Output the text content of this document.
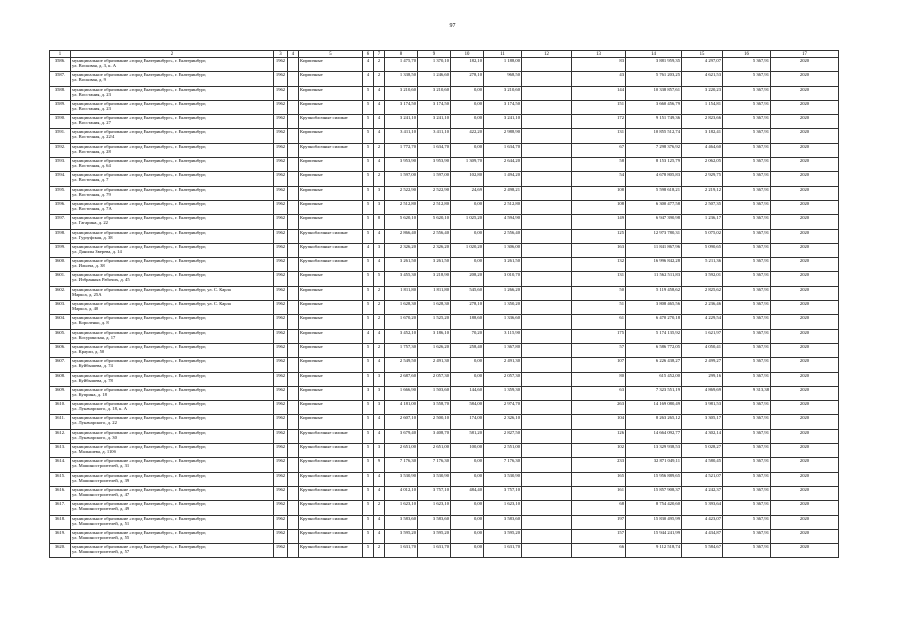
97
1	2	3	4	5	6	7	8	9	10	11	12	13	14	15	16	17
3586.	муниципальное образование «город Екатеринбург», г. Екатеринбург,
ул. Восковая, д. 3, к. А	1962		Кирпичные	4	2	1 475,70	1 370,10	182,10	1 188,00		83	3 881 959,35	4 297,07	5 367,91	2020
3587.	муниципальное образование «город Екатеринбург», г. Екатеринбург,
ул. Восковая, д. 9	1962		Кирпичные	4	2	1 338,50	1 246,60	278,10	968,50		43	5 761 203,25	4 621,53	5 367,91	2020
3588.	муниципальное образование «город Екатеринбург», г. Екатеринбург,
ул. Восстания, д. 23	1962		Кирпичные	5	4	3 210,60	3 210,60	0,00	3 210,60		144	10 338 857,61	3 220,23	5 367,91	2020
3589.	муниципальное образование «город Екатеринбург», г. Екатеринбург,
ул. Восстания, д. 23	1962		Кирпичные	5	4	3 174,50	3 174,50	0,00	3 174,50		151	3 660 456,79	1 154,81	5 367,91	2020
3590.	муниципальное образование «город Екатеринбург», г. Екатеринбург,
ул. Восстания, д. 27	1962		Крупноблочные силикат	5	4	3 241,10	3 241,10	0,00	3 241,10		172	9 151 749,36	2 823,66	5 367,91	2020
3591.	муниципальное образование «город Екатеринбург», г. Екатеринбург,
ул. Восточная, д. 22/4	1962		Кирпичные	5	4	3 411,10	3 411,10	422,20	2 988,90		131	10 855 512,74	3 182,41	5 367,91	2020
3592.	муниципальное образование «город Екатеринбург», г. Екатеринбург,
ул. Восточная, д. 28	1962		Крупноблочные силикат	5	2	1 772,70	1 634,70	0,00	1 634,70		67	7 298 376,92	4 464,60	5 367,91	2020
3593.	муниципальное образование «город Екатеринбург», г. Екатеринбург,
ул. Восточная, д. 64	1962		Кирпичные	5	4	3 953,90	3 953,90	1 309,70	2 644,20		58	8 153 125,79	2 062,05	5 367,91	2020
3594.	муниципальное образование «город Екатеринбург», г. Екатеринбург,
ул. Восточная, д. 7	1962		Кирпичные	5	2	1 597,00	1 597,00	102,80	1 494,20		54	4 678 805,83	2 929,75	5 367,91	2020
3595.	муниципальное образование «город Екатеринбург», г. Екатеринбург,
ул. Восточная, д. 79	1962		Кирпичные	5	3	2 522,90	2 522,90	24,69	2 498,21		108	5 598 618,21	2 219,12	5 367,91	2020
3596.	муниципальное образование «город Екатеринбург», г. Екатеринбург,
ул. Восточная, д. 7А	1962		Кирпичные	5	3	2 512,80	2 512,80	0,00	2 512,80		108	6 300 477,58	2 507,35	5 367,91	2020
3597.	муниципальное образование «город Екатеринбург», г. Екатеринбург,
ул. Гагарина, д. 22	1962		Кирпичные	5	8	5 620,10	5 620,10	1 025,20	4 594,90		149	6 947 390,98	1 236,17	5 367,91	2020
3598.	муниципальное образование «город Екатеринбург», г. Екатеринбург,
ул. Гурзуфская, д. 38	1962		Крупноблочные силикат	5	4	2 866,40	2 556,40	0,00	2 556,40		125	12 973 780,31	5 075,02	5 367,91	2020
3599.	муниципальное образование «город Екатеринбург», г. Екатеринбург,
ул. Данилы Зверева, д. 14	1962		Крупноблочные силикат	4	3	2 326,20	2 326,20	1 020,20	1 306,00		163	11 841 867,96	5 090,65	5 367,91	2020
3600.	муниципальное образование «город Екатеринбург», г. Екатеринбург,
ул. Ильича, д. 38	1962		Крупноблочные силикат	5	4	3 261,50	3 261,50	0,00	3 261,50		132	16 996 842,28	5 211,36	5 367,91	2020
3601.	муниципальное образование «город Екатеринбург», г. Екатеринбург,
ул. Избранных Рабочих, д. 45	1962		Кирпичные	5	5	3 455,30	3 218,90	208,20	3 010,70		131	11 562 511,83	3 592,01	5 367,91	2020
3602.	муниципальное образование «город Екатеринбург», г. Екатеринбург, ул. С. Карла
Маркса, д. 25А	1962		Кирпичные	5	2	1 811,80	1 811,80	545,60	1 266,20		50	5 119 458,62	2 825,62	5 367,91	2020
3603.	муниципальное образование «город Екатеринбург», г. Екатеринбург, ул. С. Карла
Маркса, д. 40	1962		Кирпичные	5	2	1 628,30	1 628,30	278,10	1 350,20		51	3 808 465,56	2 236,46	5 367,91	2020
3604.	муниципальное образование «город Екатеринбург», г. Екатеринбург,
ул. Короленко, д. 8	1962		Кирпичные	5	2	1 670,20	1 525,20	188,60	1 336,60		61	6 470 270,18	4 229,54	5 367,91	2020
3605.	муниципальное образование «город Екатеринбург», г. Екатеринбург,
ул. Косуринская, д. 17	1962		Кирпичные	4	4	3 452,10	3 186,10	70,20	3 115,90		175	5 174 135,92	1 621,97	5 367,91	2020
3606.	муниципальное образование «город Екатеринбург», г. Екатеринбург,
ул. Краули, д. 50	1962		Кирпичные	5	2	1 757,30	1 626,20	258,40	1 367,80		57	6 586 772,05	4 050,41	5 367,91	2020
3607.	муниципальное образование «город Екатеринбург», г. Екатеринбург,
ул. Куйбышева, д. 74	1962		Кирпичные	5	4	2 549,50	2 491,30	0,00	2 491,30		107	6 226 438,27	2 499,27	5 367,91	2020
3608.	муниципальное образование «город Екатеринбург», г. Екатеринбург,
ул. Куйбышева, д. 78	1962		Кирпичные	5	3	2 687,60	2 057,30	0,00	2 057,30		80	615 452,00	299,16	5 367,91	2020
3609.	муниципальное образование «город Екатеринбург», г. Екатеринбург,
ул. Куприна, д. 18	1962		Кирпичные	3	3	1 666,90	1 503,60	144,60	1 359,30		63	7 323 551,19	4 869,69	9 313,38	2020
3610.	муниципальное образование «город Екатеринбург», г. Екатеринбург,
ул. Луначарского, д. 18, к. А	1962		Кирпичные	5	3	4 181,00	3 558,70	584,00	2 974,70		263	14 169 080,49	3 981,53	5 367,91	2020
3611.	муниципальное образование «город Екатеринбург», г. Екатеринбург,
ул. Луначарского, д. 22	1962		Кирпичные	5	4	2 607,10	2 500,10	174,00	2 326,10		104	8 263 265,12	3 305,17	5 367,91	2020
3612.	муниципальное образование «город Екатеринбург», г. Екатеринбург,
ул. Луначарского, д. 30	1962		Крупноблочные силикат	5	4	3 679,40	3 408,70	581,20	2 827,50		126	14 664 092,77	4 302,14	5 367,91	2020
3613.	муниципальное образование «город Екатеринбург», г. Екатеринбург,
ул. Малышева, д. 110б	1962		Крупноблочные силикат	5	3	2 651,00	2 651,00	100,00	2 551,00		102	13 329 938,53	5 028,27	5 367,91	2020
3614.	муниципальное образование «город Екатеринбург», г. Екатеринбург,
ул. Машиностроителей, д. 31	1962		Крупноблочные силикат	5	9	7 176,30	7 176,30	0,00	7 176,30		233	32 871 049,11	4 580,45	5 367,91	2020
3615.	муниципальное образование «город Екатеринбург», г. Екатеринбург,
ул. Машиностроителей, д. 39	1962		Крупноблочные силикат	5	4	3 530,90	3 530,90	0,00	3 530,90		165	15 956 889,65	4 521,07	5 367,91	2020
3616.	муниципальное образование «город Екатеринбург», г. Екатеринбург,
ул. Машиностроителей, д. 47	1962		Крупноблочные силикат	5	4	4 012,10	3 757,10	484,40	3 757,10		161	15 857 908,37	4 242,37	5 367,91	2020
3617.	муниципальное образование «город Екатеринбург», г. Екатеринбург,
ул. Машиностроителей, д. 49	1962		Крупноблочные силикат	5	2	1 623,10	1 623,10	0,00	1 623,10		68	8 754 420,60	5 393,64	5 367,91	2020
3618.	муниципальное образование «город Екатеринбург», г. Екатеринбург,
ул. Машиностроителей, д. 51	1962		Крупноблочные силикат	5	4	3 583,60	3 583,60	0,00	3 583,60		197	15 830 495,99	4 423,07	5 367,91	2020
3619.	муниципальное образование «город Екатеринбург», г. Екатеринбург,
ул. Машиностроителей, д. 55	1962		Крупноблочные силикат	5	4	3 595,20	3 595,20	0,00	3 595,20		157	15 944 241,99	4 434,87	5 367,91	2020
3620.	муниципальное образование «город Екатеринбург», г. Екатеринбург,
ул. Машиностроителей, д. 57	1962		Крупноблочные силикат	5	2	1 631,70	1 631,70	0,00	1 631,70		66	9 112 518,74	5 584,67	5 367,91	2020
